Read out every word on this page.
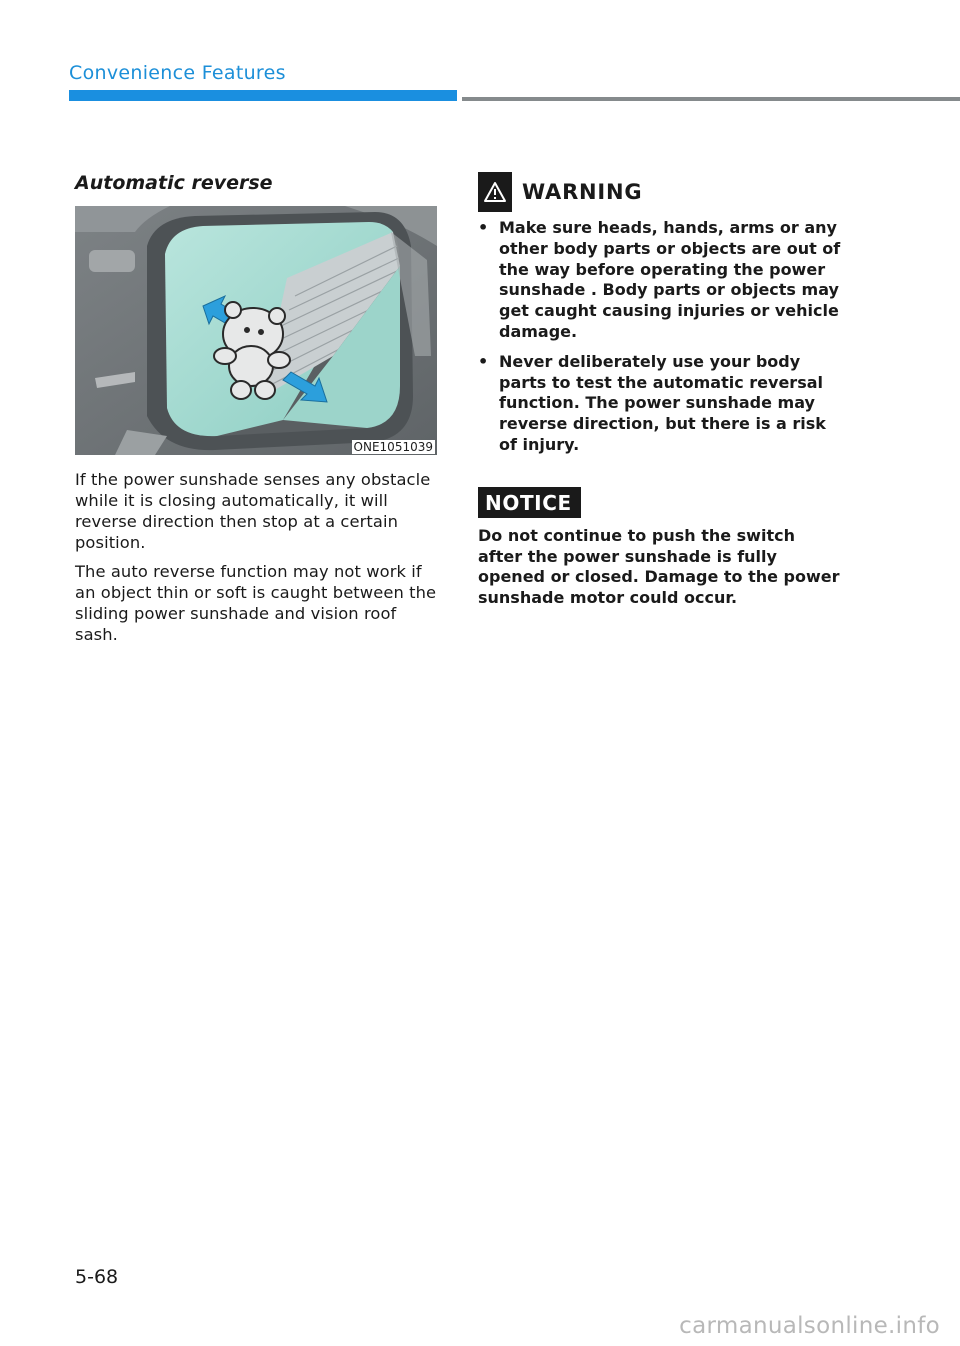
Convenience Features
Automatic reverse
ONE1051039

If the power sunshade senses any obstacle while it is closing automatically, it will reverse direction then stop at a certain position.

The auto reverse function may not work if an object thin or soft is caught between the sliding power sunshade and vision roof sash.

WARNING
• Make sure heads, hands, arms or any other body parts or objects are out of the way before operating the power sunshade . Body parts or objects may get caught causing injuries or vehicle damage.
• Never deliberately use your body parts to test the automatic reversal function. The power sunshade may reverse direction, but there is a risk of injury.
NOTICE
Do not continue to push the switch after the power sunshade is fully opened or closed. Damage to the power sunshade motor could occur.
5-68
carmanualsonline.info
